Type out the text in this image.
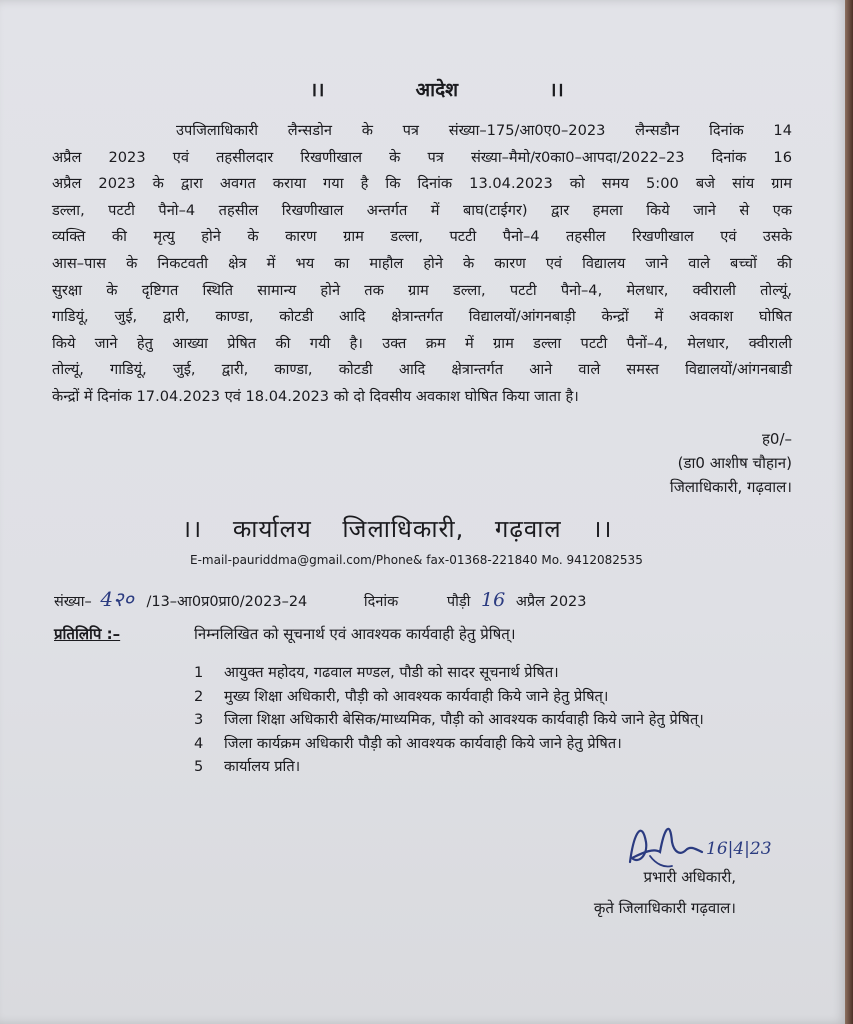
।।	आदेश	।।
उपजिलाधिकारी लैन्सडोन के पत्र संख्या–175/आ0ए0–2023 लैन्सडौन दिनांक 14
अप्रैल 2023 एवं तहसीलदार रिखणीखाल के पत्र संख्या–मैमो/र0का0–आपदा/2022–23 दिनांक 16
अप्रैल 2023 के द्वारा अवगत कराया गया है कि दिनांक 13.04.2023 को समय 5:00 बजे सांय ग्राम
डल्ला, पटटी पैनो–4 तहसील रिखणीखाल अन्तर्गत में बाघ(टाईगर) द्वार हमला किये जाने से एक
व्यक्ति की मृत्यु होने के कारण ग्राम डल्ला, पटटी पैनो–4 तहसील रिखणीखाल एवं उसके
आस–पास के निकटवती क्षेत्र में भय का माहौल होने के कारण एवं विद्यालय जाने वाले बच्चों की
सुरक्षा के दृष्टिगत स्थिति सामान्य होने तक ग्राम डल्ला, पटटी पैनो–4, मेलधार, क्वीराली तोल्यूं,
गाडियूं, जुई, द्वारी, काण्डा, कोटडी आदि क्षेत्रान्तर्गत विद्यालयों/आंगनबाड़ी केन्द्रों में अवकाश घोषित
किये जाने हेतु आख्या प्रेषित की गयी है। उक्त क्रम में ग्राम डल्ला पटटी पैनों–4, मेलधार, क्वीराली
तोल्यूं, गाडियूं, जुई, द्वारी, काण्डा, कोटडी आदि क्षेत्रान्तर्गत आने वाले समस्त विद्यालयों/आंगनबाडी
केन्द्रों में दिनांक 17.04.2023 एवं 18.04.2023 को दो दिवसीय अवकाश घोषित किया जाता है।
ह0/–
(डा0 आशीष चौहान)
जिलाधिकारी, गढ़वाल।
।। कार्यालय जिलाधिकारी, गढ़वाल ।।
E-mail-pauriddma@gmail.com/Phone& fax-01368-221840 Mo. 9412082535
संख्या– 4२० /13–आ0प्र0प्रा0/2023–24	दिनांक	पौड़ी 16 अप्रैल 2023
प्रतिलिपि :–	निम्नलिखित को सूचनार्थ एवं आवश्यक कार्यवाही हेतु प्रेषित्।
1	आयुक्त महोदय, गढवाल मण्डल, पौडी को सादर सूचनार्थ प्रेषित।
2	मुख्य शिक्षा अधिकारी, पौड़ी को आवश्यक कार्यवाही किये जाने हेतु प्रेषित्।
3	जिला शिक्षा अधिकारी बेसिक/माध्यमिक, पौड़ी को आवश्यक कार्यवाही किये जाने हेतु प्रेषित्।
4	जिला कार्यक्रम अधिकारी पौड़ी को आवश्यक कार्यवाही किये जाने हेतु प्रेषित।
5	कार्यालय प्रति।
16|4|23
प्रभारी अधिकारी,
कृते जिलाधिकारी गढ़वाल।
